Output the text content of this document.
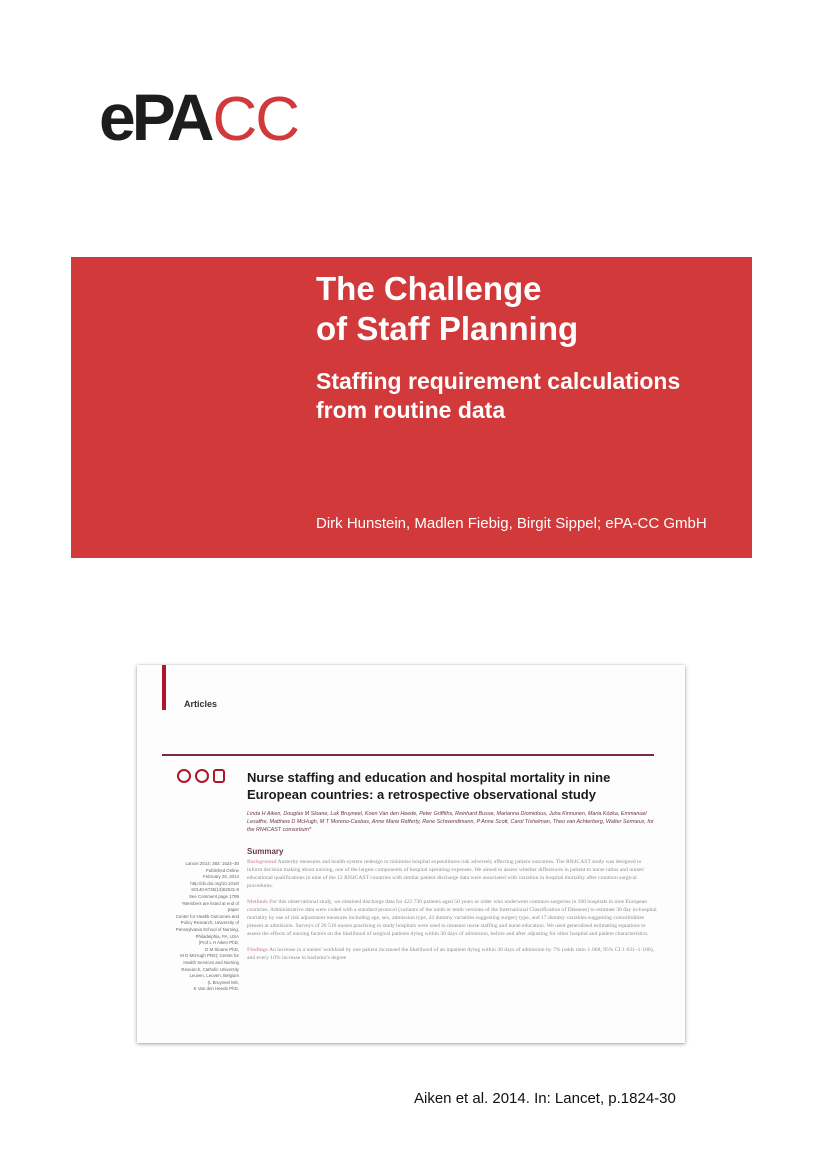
ePACC
The Challenge
of Staff Planning
Staffing requirement calculations
from routine data

Dirk Hunstein, Madlen Fiebig, Birgit Sippel; ePA-CC GmbH

Articles
Nurse staffing and education and hospital mortality in nine
European countries: a retrospective observational study

Linda H Aiken, Douglas M Sloane, Luk Bruyneel, Koen Van den Heede, Peter Griffiths, Reinhard Busse, Marianna Diomidous, Juha Kinnunen, Maria Kózka, Emmanuel Lesaffre, Matthew D McHugh, M T Moreno-Casbas, Anne Marie Rafferty, Rene Schwendimann, P Anne Scott, Carol Tishelman, Theo van Achterberg, Walter Sermeus, for the RN4CAST consortium*

Summary
Lancet 2014; 383: 1824–30
Published Online
February 26, 2014
http://dx.doi.org/10.1016/
S0140-6736(13)62631-8
See Comment page 1789
*Members are listed at end of
paper
Center for Health Outcomes and
Policy Research, University of
Pennsylvania School of Nursing,
Philadelphia, PA, USA
(Prof L H Aiken PhD,
D M Sloane PhD,
M D McHugh PhD); Centre for
Health Services and Nursing
Research, Catholic University
Leuven, Leuven, Belgium
(L Bruyneel MS,
K Van den Heede PhD,

Background Austerity measures and health-system redesign to minimise hospital expenditures risk adversely affecting patient outcomes. The RN4CAST study was designed to inform decision making about nursing, one of the largest components of hospital operating expenses. We aimed to assess whether differences in patient to nurse ratios and nurses' educational qualifications in nine of the 12 RN4CAST countries with similar patient discharge data were associated with variation in hospital mortality after common surgical procedures.

Methods For this observational study, we obtained discharge data for 422 730 patients aged 50 years or older who underwent common surgeries in 300 hospitals in nine European countries. Administrative data were coded with a standard protocol (variants of the ninth or tenth versions of the International Classification of Diseases) to estimate 30 day in-hospital mortality by use of risk adjustment measures including age, sex, admission type, 43 dummy variables suggesting surgery type, and 17 dummy variables suggesting comorbidities present at admission. Surveys of 26 516 nurses practising in study hospitals were used to measure nurse staffing and nurse education. We used generalised estimating equations to assess the effects of nursing factors on the likelihood of surgical patients dying within 30 days of admission, before and after adjusting for other hospital and patient characteristics.

Findings An increase in a nurses' workload by one patient increased the likelihood of an inpatient dying within 30 days of admission by 7% (odds ratio 1·068, 95% CI 1·031–1·106), and every 10% increase in bachelor's degree

Aiken et al. 2014. In: Lancet, p.1824-30
